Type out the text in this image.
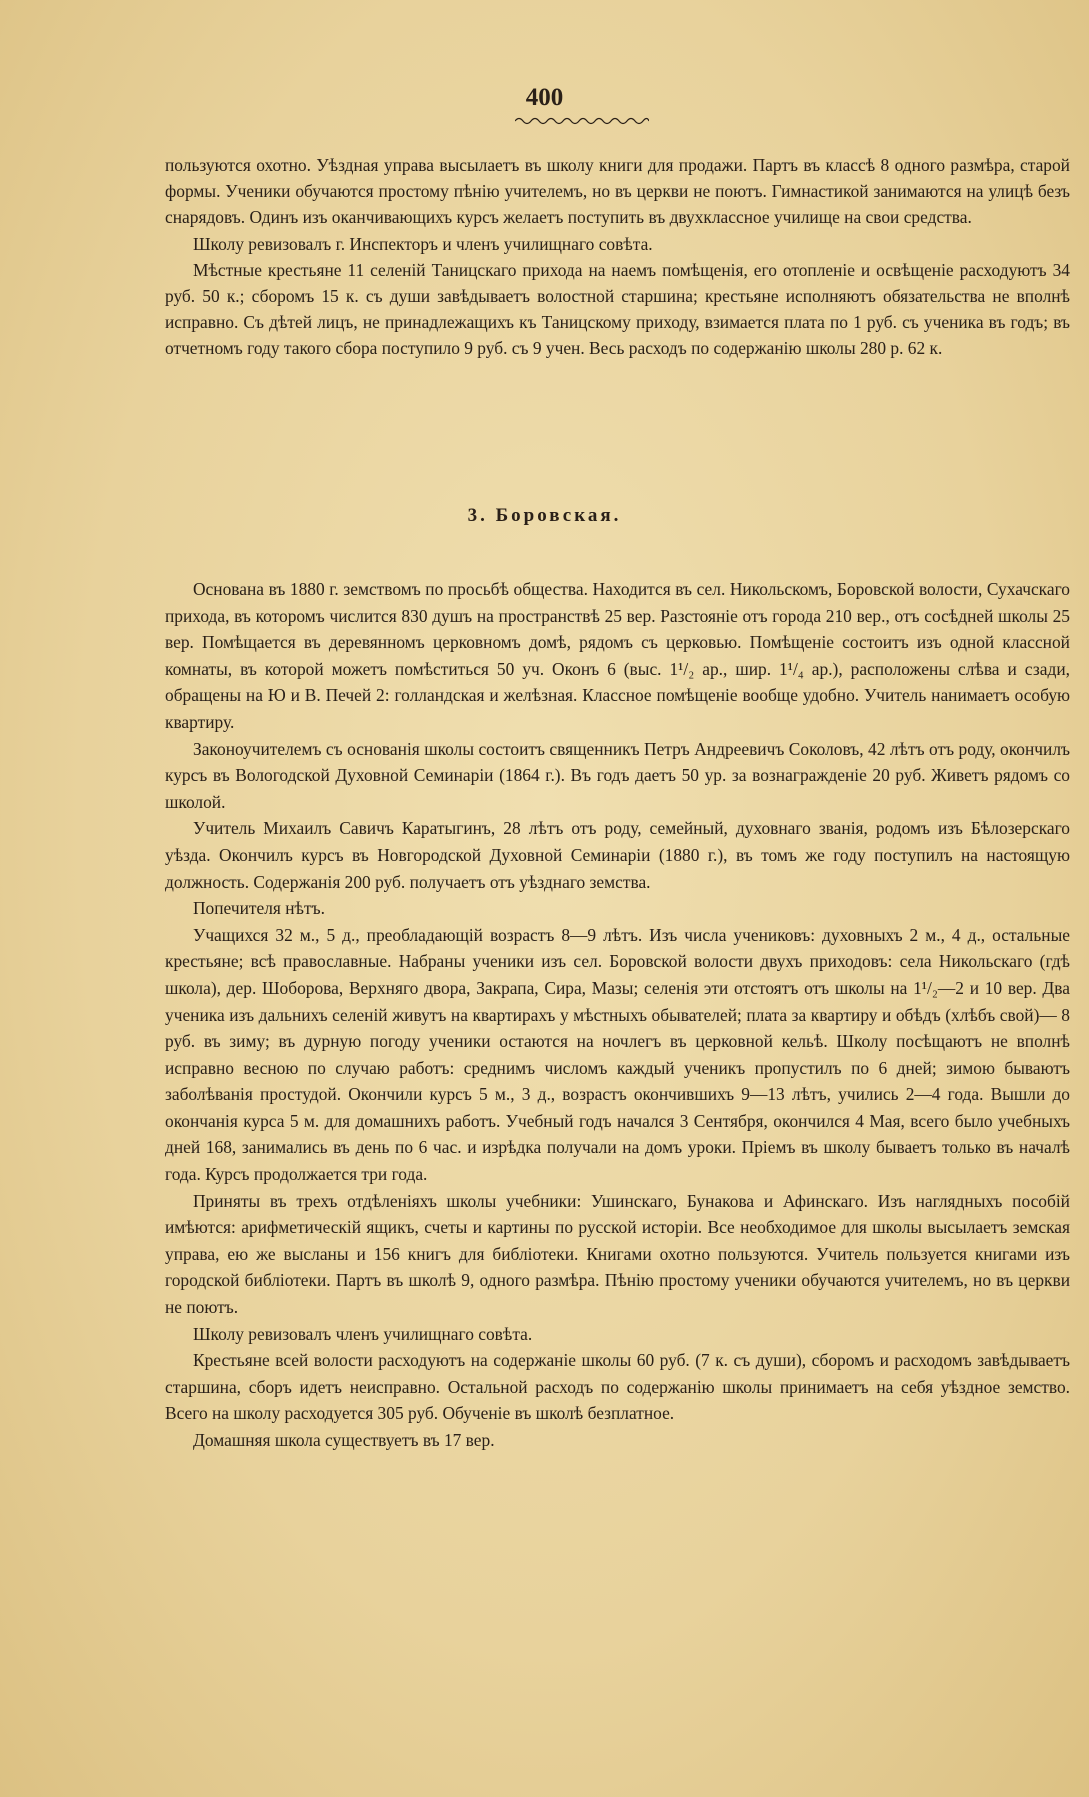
400

пользуются охотно. Уѣздная управа высылаетъ въ школу книги для продажи. Партъ въ классѣ 8 одного размѣра, старой формы. Ученики обучаются простому пѣнію учителемъ, но въ церкви не поютъ. Гимнастикой занимаются на улицѣ безъ снарядовъ. Одинъ изъ оканчивающихъ курсъ желаетъ поступить въ двухклассное училище на свои средства.

Школу ревизовалъ г. Инспекторъ и членъ училищнаго совѣта.

Мѣстные крестьяне 11 селеній Таницскаго прихода на наемъ помѣщенія, его отопленіе и освѣщеніе расходуютъ 34 руб. 50 к.; сборомъ 15 к. съ души завѣдываетъ волостной старшина; крестьяне исполняютъ обязательства не вполнѣ исправно. Съ дѣтей лицъ, не принадлежащихъ къ Таницскому приходу, взимается плата по 1 руб. съ ученика въ годъ; въ отчетномъ году такого сбора поступило 9 руб. съ 9 учен. Весь расходъ по содержанію школы 280 р. 62 к.

3. Боровская.

Основана въ 1880 г. земствомъ по просьбѣ общества. Находится въ сел. Никольскомъ, Боровской волости, Сухачскаго прихода, въ которомъ числится 830 душъ на пространствѣ 25 вер. Разстояніе отъ города 210 вер., отъ сосѣдней школы 25 вер. Помѣщается въ деревянномъ церковномъ домѣ, рядомъ съ церковью. Помѣщеніе состоитъ изъ одной классной комнаты, въ которой можетъ помѣститься 50 уч. Оконъ 6 (выс. 1¹/₂ ар., шир. 1¹/₄ ар.), расположены слѣва и сзади, обращены на Ю и В. Печей 2: голландская и желѣзная. Классное помѣщеніе вообще удобно. Учитель нанимаетъ особую квартиру.

Законоучителемъ съ основанія школы состоитъ священникъ Петръ Андреевичъ Соколовъ, 42 лѣтъ отъ роду, окончилъ курсъ въ Вологодской Духовной Семинаріи (1864 г.). Въ годъ даетъ 50 ур. за вознагражденіе 20 руб. Живетъ рядомъ со школой.

Учитель Михаилъ Савичъ Каратыгинъ, 28 лѣтъ отъ роду, семейный, духовнаго званія, родомъ изъ Бѣлозерскаго уѣзда. Окончилъ курсъ въ Новгородской Духовной Семинаріи (1880 г.), въ томъ же году поступилъ на настоящую должность. Содержанія 200 руб. получаетъ отъ уѣзднаго земства.

Попечителя нѣтъ.

Учащихся 32 м., 5 д., преобладающій возрастъ 8—9 лѣтъ. Изъ числа учениковъ: духовныхъ 2 м., 4 д., остальные крестьяне; всѣ православные. Набраны ученики изъ сел. Боровской волости двухъ приходовъ: села Никольскаго (гдѣ школа), дер. Шоборова, Верхняго двора, Закрапа, Сира, Мазы; селенія эти отстоятъ отъ школы на 1¹/₂—2 и 10 вер. Два ученика изъ дальнихъ селеній живутъ на квартирахъ у мѣстныхъ обывателей; плата за квартиру и обѣдъ (хлѣбъ свой)— 8 руб. въ зиму; въ дурную погоду ученики остаются на ночлегъ въ церковной кельѣ. Школу посѣщаютъ не вполнѣ исправно весною по случаю работъ: среднимъ числомъ каждый ученикъ пропустилъ по 6 дней; зимою бываютъ заболѣванія простудой. Окончили курсъ 5 м., 3 д., возрастъ окончившихъ 9—13 лѣтъ, учились 2—4 года. Вышли до окончанія курса 5 м. для домашнихъ работъ. Учебный годъ начался 3 Сентября, окончился 4 Мая, всего было учебныхъ дней 168, занимались въ день по 6 час. и изрѣдка получали на домъ уроки. Пріемъ въ школу бываетъ только въ началѣ года. Курсъ продолжается три года.

Приняты въ трехъ отдѣленіяхъ школы учебники: Ушинскаго, Бунакова и Афинскаго. Изъ наглядныхъ пособій имѣются: арифметическій ящикъ, счеты и картины по русской исторіи. Все необходимое для школы высылаетъ земская управа, ею же высланы и 156 книгъ для библіотеки. Книгами охотно пользуются. Учитель пользуется книгами изъ городской библіотеки. Партъ въ школѣ 9, одного размѣра. Пѣнію простому ученики обучаются учителемъ, но въ церкви не поютъ.

Школу ревизовалъ членъ училищнаго совѣта.

Крестьяне всей волости расходуютъ на содержаніе школы 60 руб. (7 к. съ души), сборомъ и расходомъ завѣдываетъ старшина, сборъ идетъ неисправно. Остальной расходъ по содержанію школы принимаетъ на себя уѣздное земство. Всего на школу расходуется 305 руб. Обученіе въ школѣ безплатное.

Домашняя школа существуетъ въ 17 вер.
